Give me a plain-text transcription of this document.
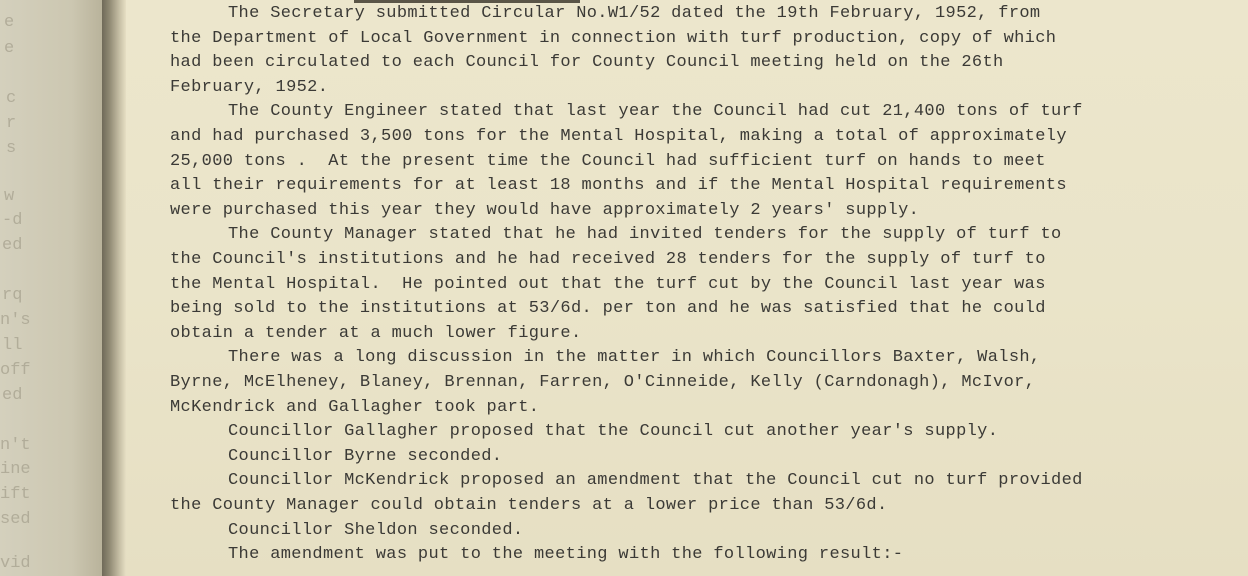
e
e
c
r
s
w
-d
ed
rq
n's
ll
off
ed
n't
ine
ift
sed
vid
The Secretary submitted Circular No.W1/52 dated the 19th February, 1952, from
the Department of Local Government in connection with turf production, copy of which
had been circulated to each Council for County Council meeting held on the 26th
February, 1952.
The County Engineer stated that last year the Council had cut 21,400 tons of turf
and had purchased 3,500 tons for the Mental Hospital, making a total of approximately
25,000 tons .  At the present time the Council had sufficient turf on hands to meet
all their requirements for at least 18 months and if the Mental Hospital requirements
were purchased this year they would have approximately 2 years' supply.
The County Manager stated that he had invited tenders for the supply of turf to
the Council's institutions and he had received 28 tenders for the supply of turf to
the Mental Hospital.  He pointed out that the turf cut by the Council last year was
being sold to the institutions at 53/6d. per ton and he was satisfied that he could
obtain a tender at a much lower figure.
There was a long discussion in the matter in which Councillors Baxter, Walsh,
Byrne, McElheney, Blaney, Brennan, Farren, O'Cinneide, Kelly (Carndonagh), McIvor,
McKendrick and Gallagher took part.
Councillor Gallagher proposed that the Council cut another year's supply.
Councillor Byrne seconded.
Councillor McKendrick proposed an amendment that the Council cut no turf provided
the County Manager could obtain tenders at a lower price than 53/6d.
Councillor Sheldon seconded.
The amendment was put to the meeting with the following result:-
